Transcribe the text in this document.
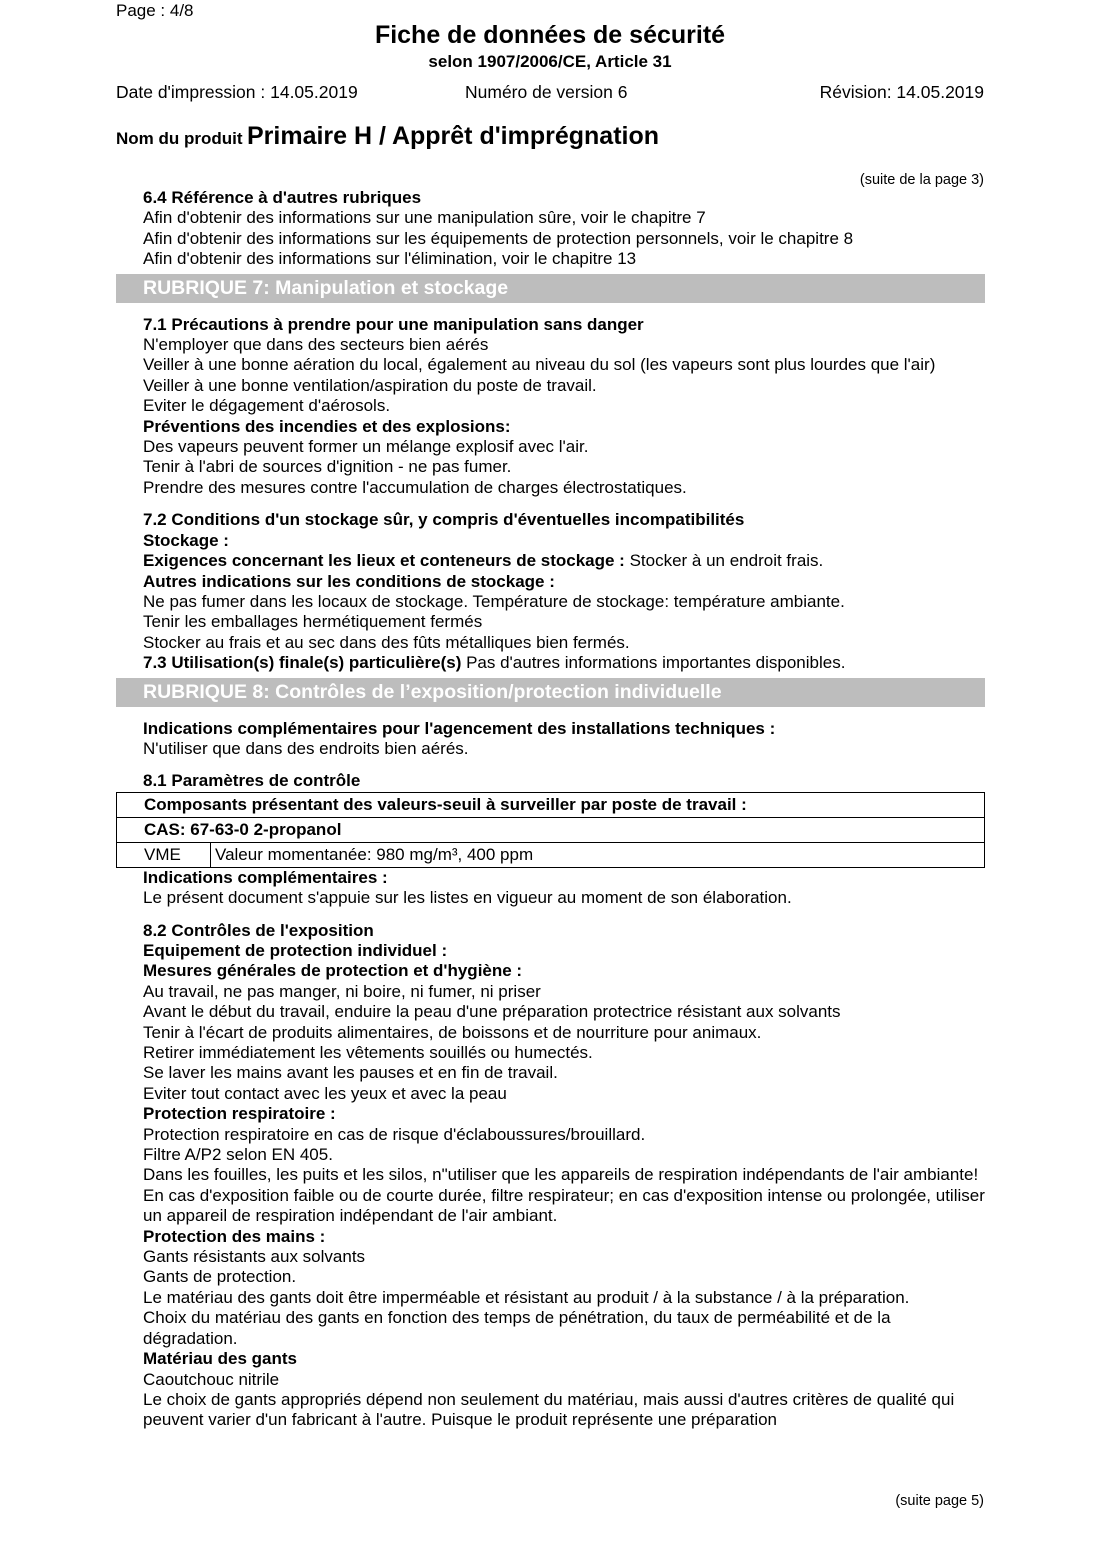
Page : 4/8
Fiche de données de sécurité
selon 1907/2006/CE, Article 31
Date d'impression : 14.05.2019	Numéro de version 6	Révision: 14.05.2019
Nom du produit Primaire H / Apprêt d'imprégnation
(suite de la page 3)

6.4 Référence à d'autres rubriques

Afin d'obtenir des informations sur une manipulation sûre, voir le chapitre 7

Afin d'obtenir des informations sur les équipements de protection personnels, voir le chapitre 8

Afin d'obtenir des informations sur l'élimination, voir le chapitre 13

RUBRIQUE 7: Manipulation et stockage

7.1 Précautions à prendre pour une manipulation sans danger

N'employer que dans des secteurs bien aérés

Veiller à une bonne aération du local, également au niveau du sol (les vapeurs sont plus lourdes que l'air)

Veiller à une bonne ventilation/aspiration du poste de travail.

Eviter le dégagement d'aérosols.

Préventions des incendies et des explosions:

Des vapeurs peuvent former un mélange explosif avec l'air.

Tenir à l'abri de sources d'ignition - ne pas fumer.

Prendre des mesures contre l'accumulation de charges électrostatiques.

7.2 Conditions d'un stockage sûr, y compris d'éventuelles incompatibilités

Stockage :

Exigences concernant les lieux et conteneurs de stockage : Stocker à un endroit frais.

Autres indications sur les conditions de stockage :

Ne pas fumer dans les locaux de stockage. Température de stockage: température ambiante.

Tenir les emballages hermétiquement fermés

Stocker au frais et au sec dans des fûts métalliques bien fermés.

7.3 Utilisation(s) finale(s) particulière(s) Pas d'autres informations importantes disponibles.

RUBRIQUE 8: Contrôles de l’exposition/protection individuelle

Indications complémentaires pour l'agencement des installations techniques :

N'utiliser que dans des endroits bien aérés.

8.1 Paramètres de contrôle

Composants présentant des valeurs-seuil à surveiller par poste de travail :
CAS: 67-63-0 2-propanol
VME	Valeur momentanée: 980 mg/m³, 400 ppm

Indications complémentaires :

Le présent document s'appuie sur les listes en vigueur au moment de son élaboration.

8.2 Contrôles de l'exposition

Equipement de protection individuel :

Mesures générales de protection et d'hygiène :

Au travail, ne pas manger, ni boire, ni fumer, ni priser

Avant le début du travail, enduire la peau d'une préparation protectrice résistant aux solvants

Tenir à l'écart de produits alimentaires, de boissons et de nourriture pour animaux.

Retirer immédiatement les vêtements souillés ou humectés.

Se laver les mains avant les pauses et en fin de travail.

Eviter tout contact avec les yeux et avec la peau

Protection respiratoire :

Protection respiratoire en cas de risque d'éclaboussures/brouillard.

Filtre A/P2 selon EN 405.

Dans les fouilles, les puits et les silos, n"utiliser que les appareils de respiration indépendants de l'air ambiante!

En cas d'exposition faible ou de courte durée, filtre respirateur; en cas d'exposition intense ou prolongée, utiliser un appareil de respiration indépendant de l'air ambiant.

Protection des mains :

Gants résistants aux solvants

Gants de protection.

Le matériau des gants doit être imperméable et résistant au produit / à la substance / à la préparation.

Choix du matériau des gants en fonction des temps de pénétration, du taux de perméabilité et de la dégradation.

Matériau des gants

Caoutchouc nitrile

Le choix de gants appropriés dépend non seulement du matériau, mais aussi d'autres critères de qualité qui peuvent varier d'un fabricant à l'autre. Puisque le produit représente une préparation

(suite page 5)
